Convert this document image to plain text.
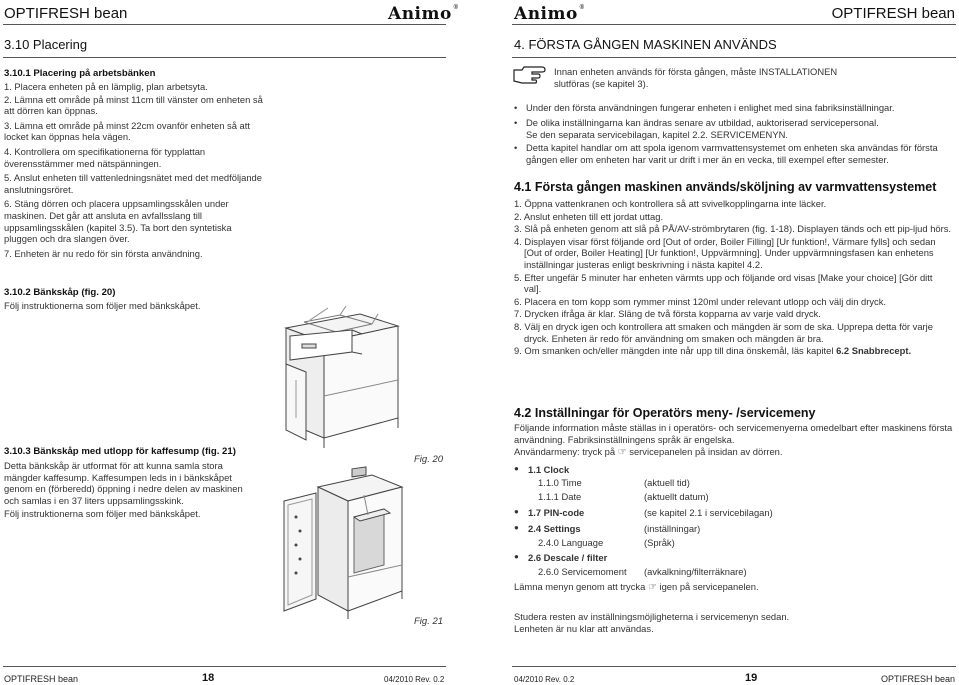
OPTIFRESH bean	Animo®	Animo®	OPTIFRESH bean
3.10 Placering
3.10.1 Placering på arbetsbänken
1. Placera enheten på en lämplig, plan arbetsyta.
2. Lämna ett område på minst 11cm till vänster om enheten så att dörren kan öppnas.
3. Lämna ett område på minst 22cm ovanför enheten så att locket kan öppnas hela vägen.
4. Kontrollera om specifikationerna för typplattan överensstämmer med nätspänningen.
5. Anslut enheten till vattenledningsnätet med det medföljande anslutningsröret.
6. Stäng dörren och placera uppsamlingsskålen under maskinen. Det går att ansluta en avfallsslang till uppsamlingsskålen (kapitel 3.5). Ta bort den syntetiska pluggen och dra slangen över.
7. Enheten är nu redo för sin första användning.
3.10.2 Bänkskåp (fig. 20)
Följ instruktionerna som följer med bänkskåpet.
3.10.3 Bänkskåp med utlopp för kaffesump (fig. 21)
Detta bänkskåp är utformat för att kunna samla stora mängder kaffesump. Kaffesumpen leds in i bänkskåpet genom en (förberedd) öppning i nedre delen av maskinen och samlas i en 37 liters uppsamlingsskink.
Följ instruktionerna som följer med bänkskåpet.
Fig. 20
Fig. 21
4. FÖRSTA GÅNGEN MASKINEN ANVÄNDS
Innan enheten används för första gången, måste INSTALLATIONEN slutföras (se kapitel 3).
• Under den första användningen fungerar enheten i enlighet med sina fabriksinställningar.
• De olika inställningarna kan ändras senare av utbildad, auktoriserad servicepersonal. Se den separata servicebilagan, kapitel 2.2. SERVICEMENYN.
• Detta kapitel handlar om att spola igenom varmvattensystemet om enheten ska användas för första gången eller om enheten har varit ur drift i mer än en vecka, till exempel efter semester.
4.1 Första gången maskinen används/sköljning av varmvattensystemet
1. Öppna vattenkranen och kontrollera så att svivelkopplingarna inte läcker.
2. Anslut enheten till ett jordat uttag.
3. Slå på enheten genom att slå på PÅ/AV-strömbrytaren (fig. 1-18). Displayen tänds och ett pip-ljud hörs.
4. Displayen visar först följande ord [Out of order, Boiler Filling] [Ur funktion!, Värmare fylls] och sedan [Out of order, Boiler Heating] [Ur funktion!, Uppvärmning]. Under uppvärmningsfasen kan enhetens inställningar justeras enligt beskrivning i nästa kapitel 4.2.
5. Efter ungefär 5 minuter har enheten värmts upp och följande ord visas [Make your choice] [Gör ditt val].
6. Placera en tom kopp som rymmer minst 120ml under relevant utlopp och välj din dryck.
7. Drycken ifråga är klar. Släng de två första kopparna av varje vald dryck.
8. Välj en dryck igen och kontrollera att smaken och mängden är som de ska. Upprepa detta för varje dryck. Enheten är redo för användning om smaken och mängden är bra.
9. Om smanken och/eller mängden inte når upp till dina önskemål, läs kapitel 6.2 Snabbrecept.
4.2 Inställningar för Operatörs meny- /servicemeny
Följande information måste ställas in i operatörs- och servicemenyerna omedelbart efter maskinens första användning. Fabriksinställningens språk är engelska.
Användarmeny: tryck på ☞ servicepanelen på insidan av dörren.
● 1.1 Clock
1.1.0 Time	(aktuell tid)
1.1.1 Date	(aktuellt datum)
● 1.7 PIN-code	(se kapitel 2.1 i servicebilagan)
● 2.4 Settings	(inställningar)
2.4.0 Language	(Språk)
● 2.6 Descale / filter
2.6.0 Servicemoment (avkalkning/filterräknare)
Lämna menyn genom att trycka ☞ igen på servicepanelen.
Studera resten av inställningsmöjligheterna i servicemenyn sedan. Lenheten är nu klar att användas.
OPTIFRESH bean	18	04/2010 Rev. 0.2	04/2010 Rev. 0.2	19	OPTIFRESH bean
